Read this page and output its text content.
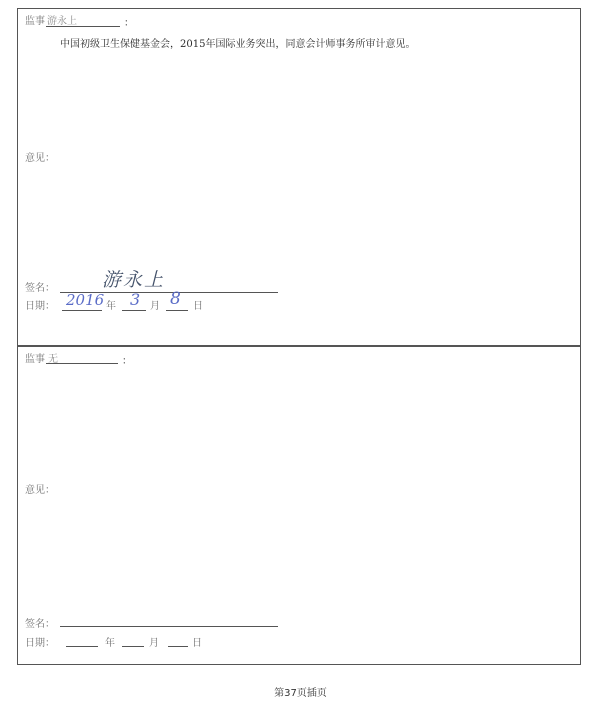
监事 游永上	：
中国初级卫生保健基金会，2015年国际业务突出，同意会计师事务所审计意见。
意见：
签名： 游永上
日期： 2016 年 3 月 8 日
监事 无	：
意见：
签名：
日期：	年	月	日
第37页插页
